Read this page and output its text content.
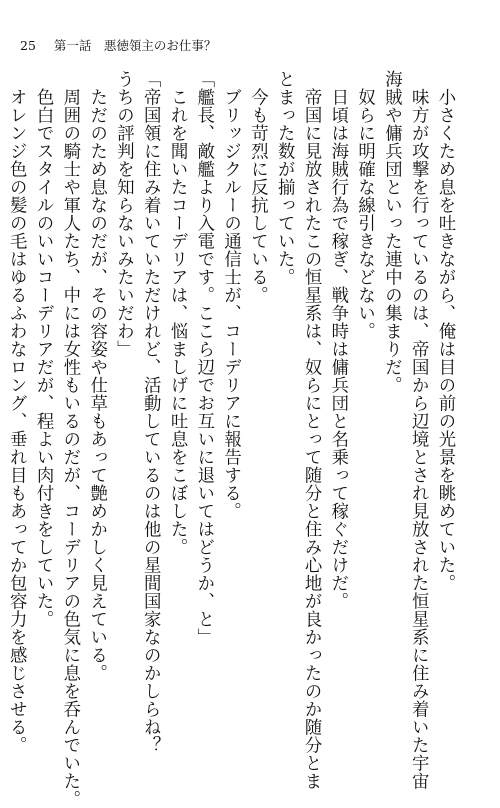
25 第一話　悪徳領主のお仕事？
　小さくため息を吐きながら、俺は目の前の光景を眺めていた。
　味方が攻撃を行っているのは、帝国から辺境とされ見放された恒星系に住み着いた宇宙
海賊や傭兵団といった連中の集まりだ。
　奴らに明確な線引きなどない。
　日頃は海賊行為で稼ぎ、戦争時は傭兵団と名乗って稼ぐだけだ。
　帝国に見放されたこの恒星系は、奴らにとって随分と住み心地が良かったのか随分とま
とまった数が揃っていた。
　今も苛烈に反抗している。
　ブリッジクルーの通信士が、コーデリアに報告する。
「艦長、敵艦より入電です。ここら辺でお互いに退いてはどうか、と」
　これを聞いたコーデリアは、悩ましげに吐息をこぼした。
「帝国領に住み着いていただけれど、活動しているのは他の星間国家なのかしらね？
うちの評判を知らないみたいだわ」
　ただのため息なのだが、その容姿や仕草もあって艶めかしく見えている。
　周囲の騎士や軍人たち、中には女性もいるのだが、コーデリアの色気に息を呑んでいた。
　色白でスタイルのいいコーデリアだが、程よい肉付きをしていた。
　オレンジ色の髪の毛はゆるふわなロング、垂れ目もあってか包容力を感じさせる。
